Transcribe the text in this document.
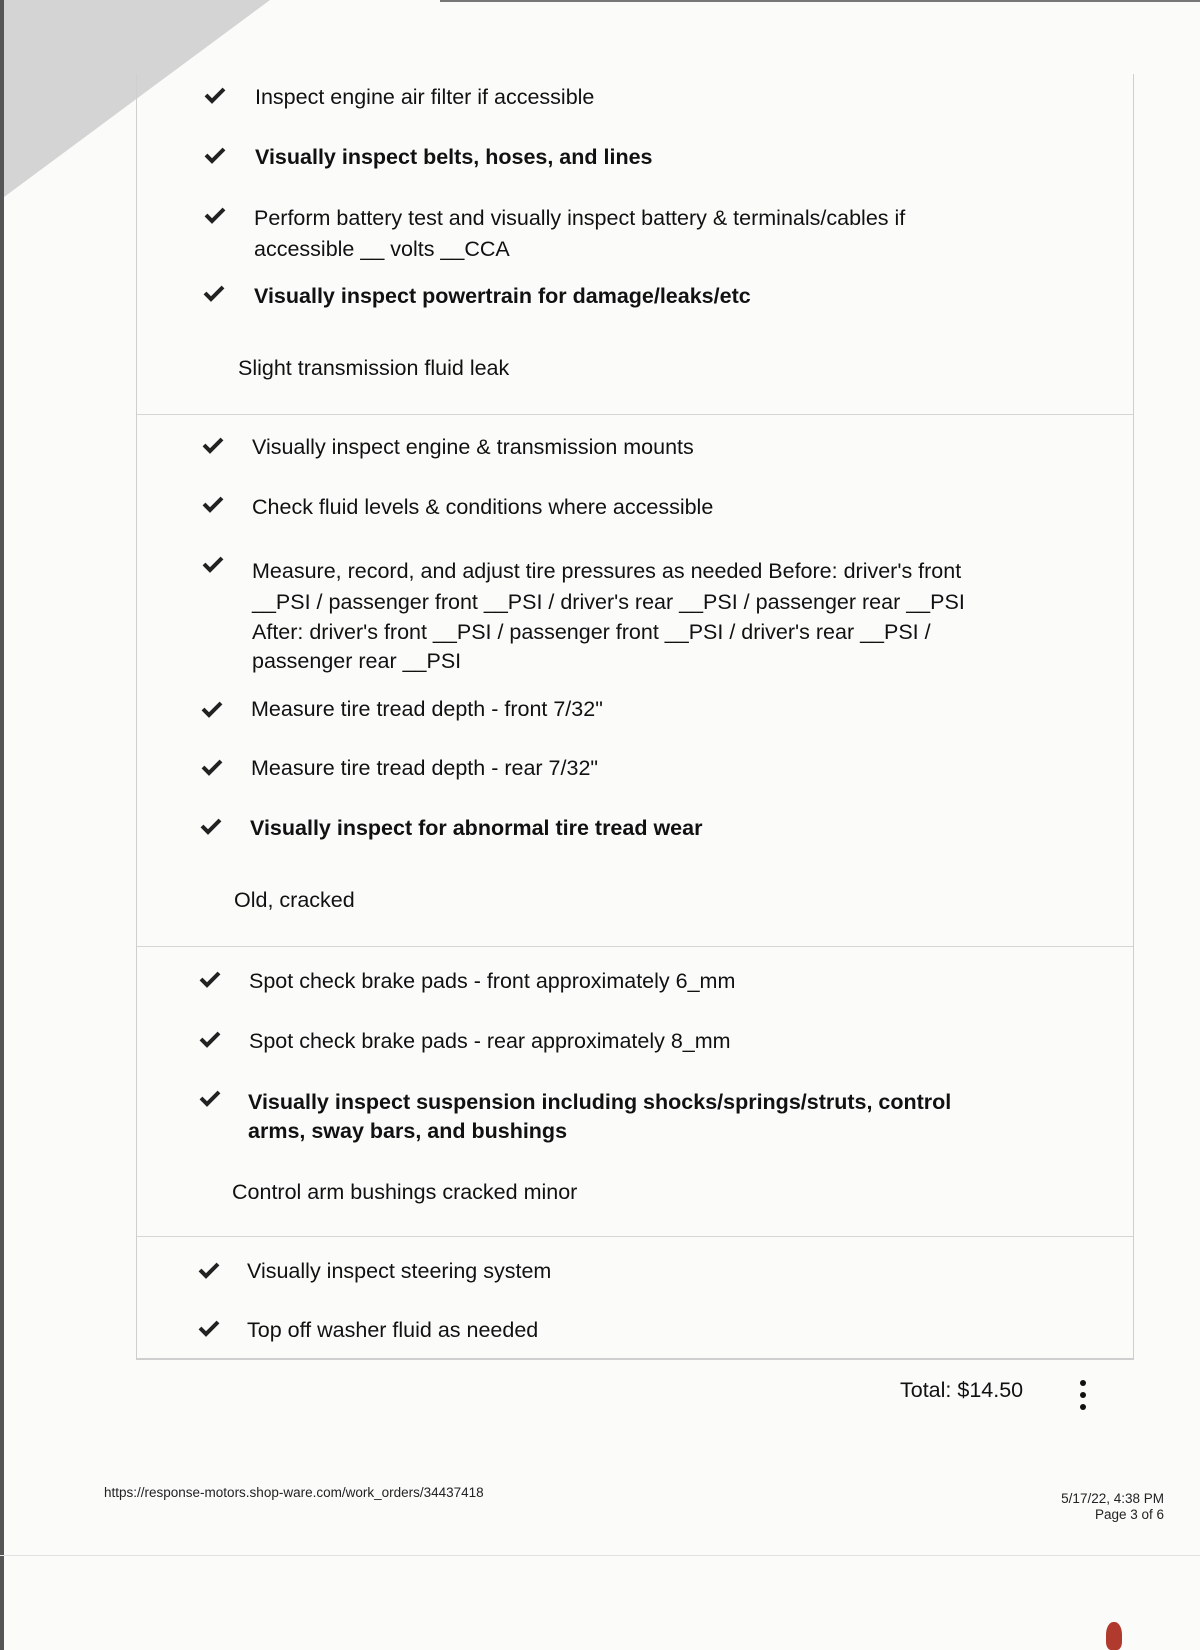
Inspect engine air filter if accessible
Visually inspect belts, hoses, and lines
Perform battery test and visually inspect battery & terminals/cables if
accessible __ volts __CCA
Visually inspect powertrain for damage/leaks/etc
Slight transmission fluid leak
Visually inspect engine & transmission mounts
Check fluid levels & conditions where accessible
Measure, record, and adjust tire pressures as needed Before: driver's front
__PSI / passenger front __PSI / driver's rear __PSI / passenger rear __PSI
After: driver's front __PSI / passenger front __PSI / driver's rear __PSI /
passenger rear __PSI
Measure tire tread depth - front 7/32"
Measure tire tread depth - rear 7/32"
Visually inspect for abnormal tire tread wear
Old, cracked
Spot check brake pads - front approximately 6_mm
Spot check brake pads - rear approximately 8_mm
Visually inspect suspension including shocks/springs/struts, control
arms, sway bars, and bushings
Control arm bushings cracked minor
Visually inspect steering system
Top off washer fluid as needed
Total: $14.50
https://response-motors.shop-ware.com/work_orders/34437418	5/17/22, 4:38 PM
Page 3 of 6
